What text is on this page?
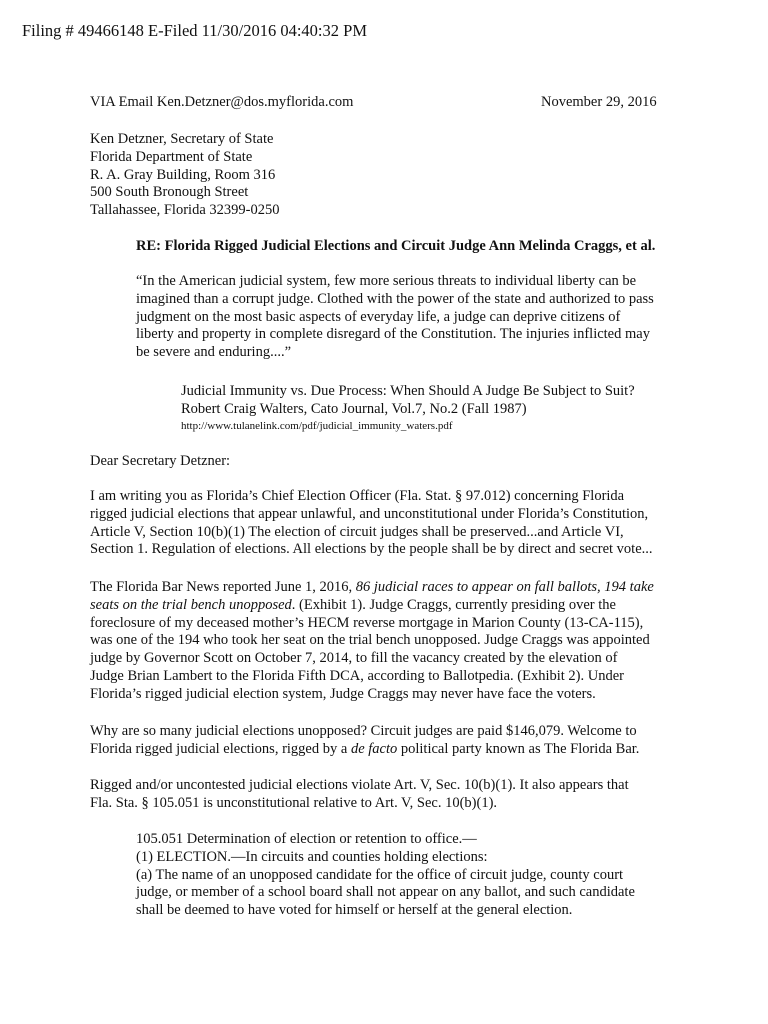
Filing # 49466148 E-Filed 11/30/2016 04:40:32 PM
VIA Email Ken.Detzner@dos.myflorida.com	November 29, 2016
Ken Detzner, Secretary of State
Florida Department of State
R. A. Gray Building, Room 316
500 South Bronough Street
Tallahassee, Florida 32399-0250
RE: Florida Rigged Judicial Elections and Circuit Judge Ann Melinda Craggs, et al.
“In the American judicial system, few more serious threats to individual liberty can be
imagined than a corrupt judge. Clothed with the power of the state and authorized to pass
judgment on the most basic aspects of everyday life, a judge can deprive citizens of
liberty and property in complete disregard of the Constitution. The injuries inflicted may
be severe and enduring....”
Judicial Immunity vs. Due Process: When Should A Judge Be Subject to Suit?
Robert Craig Walters, Cato Journal, Vol.7, No.2 (Fall 1987)
http://www.tulanelink.com/pdf/judicial_immunity_waters.pdf
Dear Secretary Detzner:
I am writing you as Florida’s Chief Election Officer (Fla. Stat. § 97.012) concerning Florida
rigged judicial elections that appear unlawful, and unconstitutional under Florida’s Constitution,
Article V, Section 10(b)(1) The election of circuit judges shall be preserved...and Article VI,
Section 1. Regulation of elections. All elections by the people shall be by direct and secret vote...
The Florida Bar News reported June 1, 2016, 86 judicial races to appear on fall ballots, 194 take
seats on the trial bench unopposed. (Exhibit 1). Judge Craggs, currently presiding over the
foreclosure of my deceased mother’s HECM reverse mortgage in Marion County (13-CA-115),
was one of the 194 who took her seat on the trial bench unopposed. Judge Craggs was appointed
judge by Governor Scott on October 7, 2014, to fill the vacancy created by the elevation of
Judge Brian Lambert to the Florida Fifth DCA, according to Ballotpedia. (Exhibit 2). Under
Florida’s rigged judicial election system, Judge Craggs may never have face the voters.
Why are so many judicial elections unopposed? Circuit judges are paid $146,079. Welcome to
Florida rigged judicial elections, rigged by a de facto political party known as The Florida Bar.
Rigged and/or uncontested judicial elections violate Art. V, Sec. 10(b)(1). It also appears that
Fla. Sta. § 105.051 is unconstitutional relative to Art. V, Sec. 10(b)(1).
105.051 Determination of election or retention to office.—
(1) ELECTION.—In circuits and counties holding elections:
(a) The name of an unopposed candidate for the office of circuit judge, county court
judge, or member of a school board shall not appear on any ballot, and such candidate
shall be deemed to have voted for himself or herself at the general election.
